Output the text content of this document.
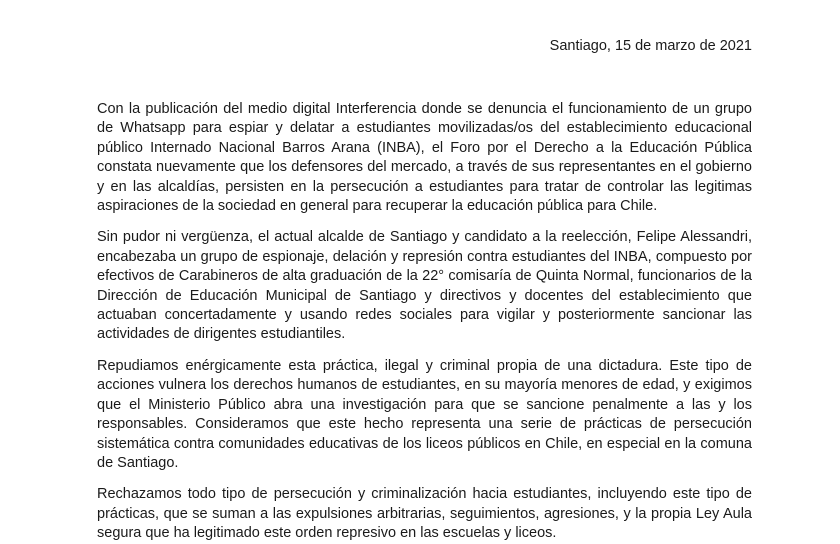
Santiago, 15 de marzo de 2021

Con la publicación del medio digital Interferencia donde se denuncia el funcionamiento de un grupo de Whatsapp para espiar y delatar a estudiantes movilizadas/os del establecimiento educacional público Internado Nacional Barros Arana (INBA), el Foro por el Derecho a la Educación Pública constata nuevamente que los defensores del mercado, a través de sus representantes en el gobierno y en las alcaldías, persisten en la persecución a estudiantes para tratar de controlar las legitimas aspiraciones de la sociedad en general para recuperar la educación pública para Chile.

Sin pudor ni vergüenza, el actual alcalde de Santiago y candidato a la reelección, Felipe Alessandri, encabezaba un grupo de espionaje, delación y represión contra estudiantes del INBA, compuesto por efectivos de Carabineros de alta graduación de la 22° comisaría de Quinta Normal, funcionarios de la Dirección de Educación Municipal de Santiago y directivos y docentes del establecimiento que actuaban concertadamente y usando redes sociales para vigilar y posteriormente sancionar las actividades de dirigentes estudiantiles.

Repudiamos enérgicamente esta práctica, ilegal y criminal propia de una dictadura. Este tipo de acciones vulnera los derechos humanos de estudiantes, en su mayoría menores de edad, y exigimos que el Ministerio Público abra una investigación para que se sancione penalmente a las y los responsables. Consideramos que este hecho representa una serie de prácticas de persecución sistemática contra comunidades educativas de los liceos públicos en Chile, en especial en la comuna de Santiago.

Rechazamos todo tipo de persecución y criminalización hacia estudiantes, incluyendo este tipo de prácticas, que se suman a las expulsiones arbitrarias, seguimientos, agresiones, y la propia Ley Aula segura que ha legitimado este orden represivo en las escuelas y liceos.
